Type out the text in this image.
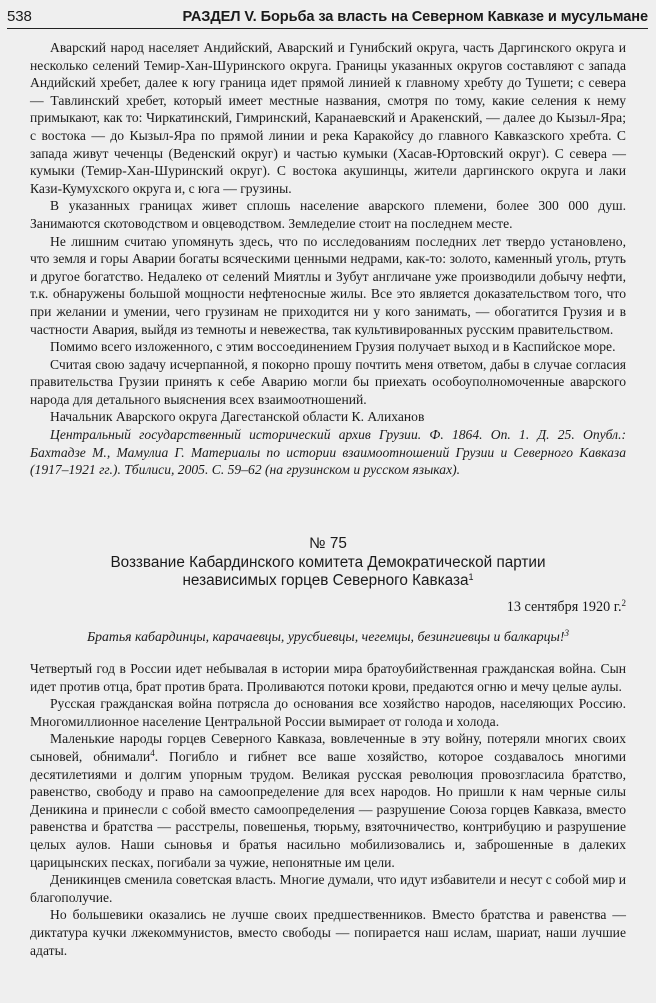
538	РАЗДЕЛ V. Борьба за власть на Северном Кавказе и мусульмане

Аварский народ населяет Андийский, Аварский и Гунибский округа, часть Даргинского округа и несколько селений Темир-Хан-Шуринского округа. Границы указанных округов составляют с запада Андийский хребет, далее к югу граница идет прямой линией к главному хребту до Тушети; с севера — Тавлинский хребет, который имеет местные названия, смотря по тому, какие селения к нему примыкают, как то: Чиркатинский, Гимринский, Каранаевский и Аракенский, — далее до Кызыл-Яра; с востока — до Кызыл-Яра по прямой линии и река Каракойсу до главного Кавказского хребта. С запада живут чеченцы (Веденский округ) и частью кумыки (Хасав-Юртовский округ). С севера — кумыки (Темир-Хан-Шуринский округ). С востока акушинцы, жители даргинского округа и лаки Кази-Кумухского округа и, с юга — грузины.

В указанных границах живет сплошь население аварского племени, более 300 000 душ. Занимаются скотоводством и овцеводством. Земледелие стоит на последнем месте.

Не лишним считаю упомянуть здесь, что по исследованиям последних лет твердо установлено, что земля и горы Аварии богаты всяческими ценными недрами, как-то: золото, каменный уголь, ртуть и другое богатство. Недалеко от селений Миятлы и Зубут англичане уже производили добычу нефти, т.к. обнаружены большой мощности нефтеносные жилы. Все это является доказательством того, что при желании и умении, чего грузинам не приходится ни у кого занимать, — обогатится Грузия и в частности Авария, выйдя из темноты и невежества, так культивированных русским правительством.

Помимо всего изложенного, с этим воссоединением Грузия получает выход и в Каспийское море.

Считая свою задачу исчерпанной, я покорно прошу почтить меня ответом, дабы в случае согласия правительства Грузии принять к себе Аварию могли бы приехать особоуполномоченные аварского народа для детального выяснения всех взаимоотношений.

Начальник Аварского округа Дагестанской области К. Алиханов

Центральный государственный исторический архив Грузии. Ф. 1864. Оп. 1. Д. 25. Опубл.: Бахтадзе М., Мамулиа Г. Материалы по истории взаимоотношений Грузии и Северного Кавказа (1917–1921 гг.). Тбилиси, 2005. С. 59–62 (на грузинском и русском языках).

№ 75
Воззвание Кабардинского комитета Демократической партии
независимых горцев Северного Кавказа$^1$
13 сентября 1920 г.$^2$
Братья кабардинцы, карачаевцы, урусбиевцы, чегемцы, безингиевцы и балкарцы!$^3$

Четвертый год в России идет небывалая в истории мира братоубийственная гражданская война. Сын идет против отца, брат против брата. Проливаются потоки крови, предаются огню и мечу целые аулы.

Русская гражданская война потрясла до основания все хозяйство народов, населяющих Россию. Многомиллионное население Центральной России вымирает от голода и холода.

Маленькие народы горцев Северного Кавказа, вовлеченные в эту войну, потеряли многих своих сыновей, обнимали$^4$. Погибло и гибнет все ваше хозяйство, которое создавалось многими десятилетиями и долгим упорным трудом. Великая русская революция провозгласила братство, равенство, свободу и право на самоопределение для всех народов. Но пришли к нам черные силы Деникина и принесли с собой вместо самоопределения — разрушение Союза горцев Кавказа, вместо равенства и братства — расстрелы, повешенья, тюрьму, взяточничество, контрибуцию и разрушение целых аулов. Наши сыновья и братья насильно мобилизовались и, заброшенные в далеких царицынских песках, погибали за чужие, непонятные им цели.

Деникинцев сменила советская власть. Многие думали, что идут избавители и несут с собой мир и благополучие.

Но большевики оказались не лучше своих предшественников. Вместо братства и равенства — диктатура кучки лжекоммунистов, вместо свободы — попирается наш ислам, шариат, наши лучшие адаты.
